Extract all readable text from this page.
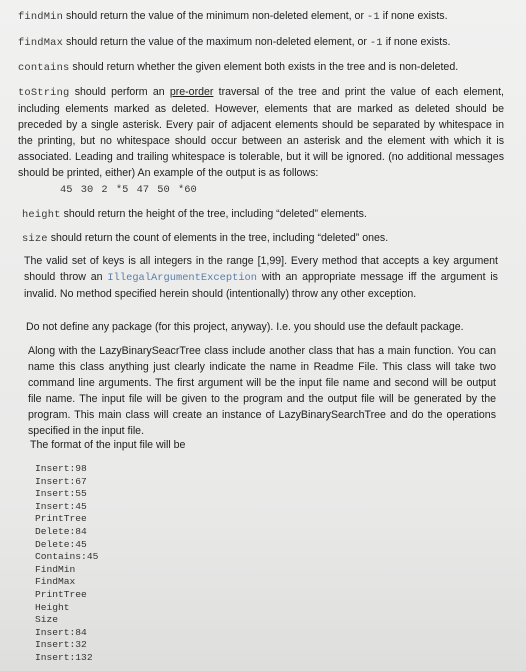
findMin should return the value of the minimum non-deleted element, or -1 if none exists.

findMax should return the value of the maximum non-deleted element, or -1 if none exists.

contains should return whether the given element both exists in the tree and is non-deleted.

toString should perform an pre-order traversal of the tree and print the value of each element, including elements marked as deleted. However, elements that are marked as deleted should be preceded by a single asterisk. Every pair of adjacent elements should be separated by whitespace in the printing, but no whitespace should occur between an asterisk and the element with which it is associated. Leading and trailing whitespace is tolerable, but it will be ignored. (no additional messages should be printed, either) An example of the output is as follows:

45 30 2 *5 47 50 *60

height should return the height of the tree, including “deleted” elements.

size should return the count of elements in the tree, including “deleted” ones.

The valid set of keys is all integers in the range [1,99]. Every method that accepts a key argument should throw an IllegalArgumentException with an appropriate message iff the argument is invalid. No method specified herein should (intentionally) throw any other exception.

Do not define any package (for this project, anyway). I.e. you should use the default package.

Along with the LazyBinarySeacrTree class include another class that has a main function. You can name this class anything just clearly indicate the name in Readme File. This class will take two command line arguments. The first argument will be the input file name and second will be output file name. The input file will be given to the program and the output file will be generated by the program. This main class will create an instance of LazyBinarySearchTree and do the operations specified in the input file.

The format of the input file will be

Insert:98
Insert:67
Insert:55
Insert:45
PrintTree
Delete:84
Delete:45
Contains:45
FindMin
FindMax
PrintTree
Height
Size
Insert:84
Insert:32
Insert:132
